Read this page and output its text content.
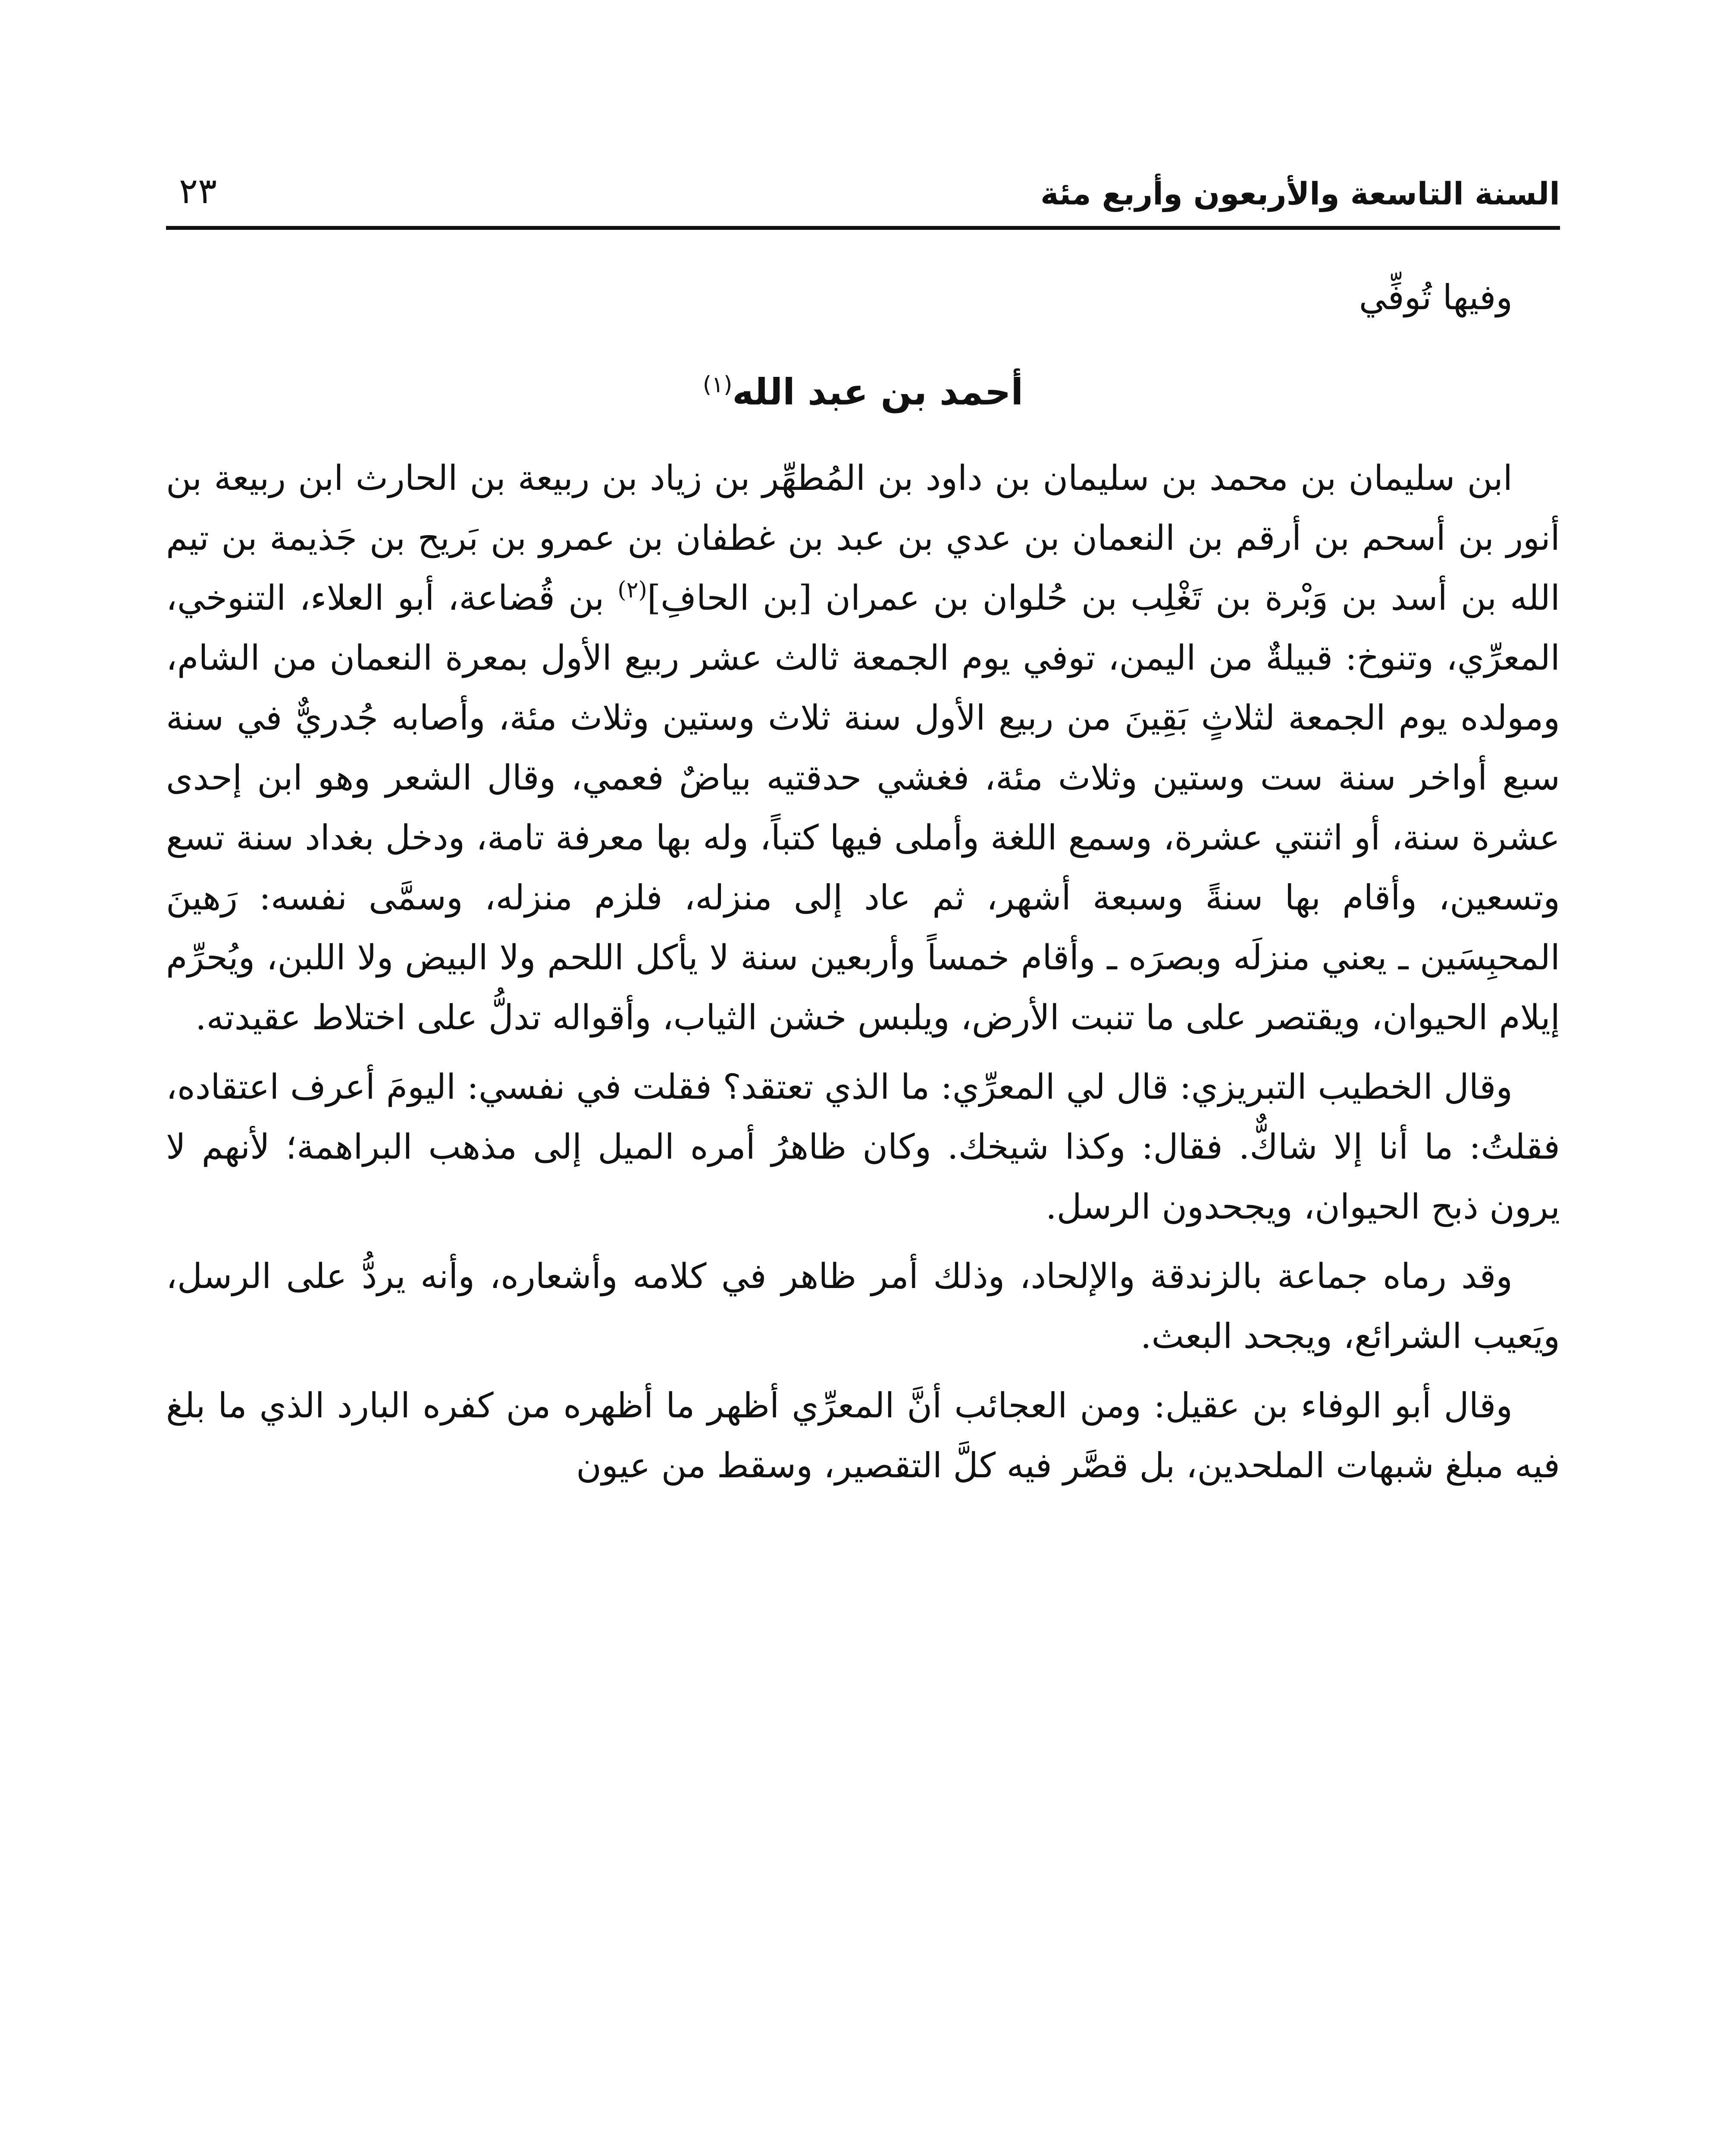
السنة التاسعة والأربعون وأربع مئة
٢٣

وفيها تُوفِّي

أحمد بن عبد الله$^{(١)}$

ابن سليمان بن محمد بن سليمان بن داود بن المُطهِّر بن زياد بن ربيعة بن الحارث ابن ربيعة بن أنور بن أسحم بن أرقم بن النعمان بن عدي بن عبد بن غطفان بن عمرو بن بَريح بن جَذيمة بن تيم الله بن أسد بن وَبْرة بن تَغْلِب بن حُلوان بن عمران [بن الحافِ]$^{(٢)}$ بن قُضاعة، أبو العلاء، التنوخي، المعرِّي، وتنوخ: قبيلةٌ من اليمن، توفي يوم الجمعة ثالث عشر ربيع الأول بمعرة النعمان من الشام، ومولده يوم الجمعة لثلاثٍ بَقِينَ من ربيع الأول سنة ثلاث وستين وثلاث مئة، وأصابه جُدريٌّ في سنة سبع أواخر سنة ست وستين وثلاث مئة، فغشي حدقتيه بياضٌ فعمي، وقال الشعر وهو ابن إحدى عشرة سنة، أو اثنتي عشرة، وسمع اللغة وأملى فيها كتباً، وله بها معرفة تامة، ودخل بغداد سنة تسع وتسعين، وأقام بها سنةً وسبعة أشهر، ثم عاد إلى منزله، فلزم منزله، وسمَّى نفسه: رَهينَ المحبِسَين ـ يعني منزلَه وبصرَه ـ وأقام خمساً وأربعين سنة لا يأكل اللحم ولا البيض ولا اللبن، ويُحرِّم إيلام الحيوان، ويقتصر على ما تنبت الأرض، ويلبس خشن الثياب، وأقواله تدلُّ على اختلاط عقيدته.

وقال الخطيب التبريزي: قال لي المعرِّي: ما الذي تعتقد؟ فقلت في نفسي: اليومَ أعرف اعتقاده، فقلتُ: ما أنا إلا شاكٌّ. فقال: وكذا شيخك. وكان ظاهرُ أمره الميل إلى مذهب البراهمة؛ لأنهم لا يرون ذبح الحيوان، ويجحدون الرسل.

وقد رماه جماعة بالزندقة والإلحاد، وذلك أمر ظاهر في كلامه وأشعاره، وأنه يردُّ على الرسل، ويَعيب الشرائع، ويجحد البعث.

وقال أبو الوفاء بن عقيل: ومن العجائب أنَّ المعرِّي أظهر ما أظهره من كفره البارد الذي ما بلغ فيه مبلغ شبهات الملحدين، بل قصَّر فيه كلَّ التقصير، وسقط من عيون
